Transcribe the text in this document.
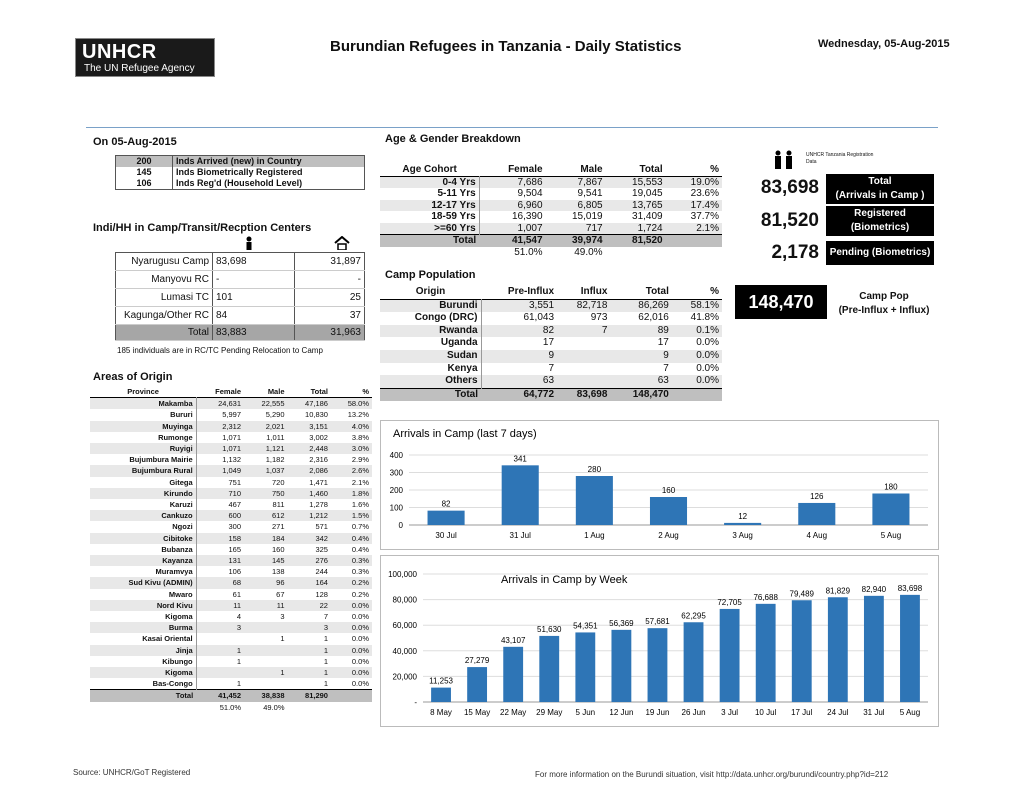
UNHCR
The UN Refugee Agency
Burundian Refugees in Tanzania - Daily Statistics	Wednesday, 05-Aug-2015
On 05-Aug-2015
200	Inds Arrived (new) in Country
145	Inds Biometrically Registered
106	Inds Reg'd (Household Level)
Indi/HH in Camp/Transit/Recption Centers
Nyarugusu Camp	83,698	31,897
Manyovu RC	-	-
Lumasi TC	101	25
Kagunga/Other RC	84	37
Total	83,883	31,963
185 individuals are in RC/TC Pending Relocation to Camp
Areas of Origin
Province	Female	Male	Total	%
Makamba	24,631	22,555	47,186	58.0%
Bururi	5,997	5,290	10,830	13.2%
Muyinga	2,312	2,021	3,151	4.0%
Rumonge	1,071	1,011	3,002	3.8%
Ruyigi	1,071	1,121	2,448	3.0%
Bujumbura Mairie	1,132	1,182	2,316	2.9%
Bujumbura Rural	1,049	1,037	2,086	2.6%
Gitega	751	720	1,471	2.1%
Kirundo	710	750	1,460	1.8%
Karuzi	467	811	1,278	1.6%
Cankuzo	600	612	1,212	1.5%
Ngozi	300	271	571	0.7%
Cibitoke	158	184	342	0.4%
Bubanza	165	160	325	0.4%
Kayanza	131	145	276	0.3%
Muramvya	106	138	244	0.3%
Sud Kivu (ADMIN)	68	96	164	0.2%
Mwaro	61	67	128	0.2%
Nord Kivu	11	11	22	0.0%
Kigoma	4	3	7	0.0%
Burma	3		3	0.0%
Kasai Oriental		1	1	0.0%
Jinja	1		1	0.0%
Kibungo	1		1	0.0%
Kigoma		1	1	0.0%
Bas-Congo	1		1	0.0%
Total	41,452	38,838	81,290	
	51.0%	49.0%		
Age & Gender Breakdown
Age Cohort	Female	Male	Total	%
0-4 Yrs	7,686	7,867	15,553	19.0%
5-11 Yrs	9,504	9,541	19,045	23.6%
12-17 Yrs	6,960	6,805	13,765	17.4%
18-59 Yrs	16,390	15,019	31,409	37.7%
>=60 Yrs	1,007	717	1,724	2.1%
Total	41,547	39,974	81,520	
	51.0%	49.0%		
Camp Population
Origin	Pre-Influx	Influx	Total	%
Burundi	3,551	82,718	86,269	58.1%
Congo (DRC)	61,043	973	62,016	41.8%
Rwanda	82	7	89	0.1%
Uganda	17		17	0.0%
Sudan	9		9	0.0%
Kenya	7		7	0.0%
Others	63		63	0.0%
Total	64,772	83,698	148,470	
UNHCR Tanzania Registration Data
83,698	Total
(Arrivals in Camp )
81,520	Registered
(Biometrics)
2,178	Pending (Biometrics)
148,470	Camp Pop
(Pre-Influx + Influx)
Arrivals in Camp (last 7 days)
0
100
200
300
400
82
30 Jul
341
31 Jul
280
1 Aug
160
2 Aug
12
3 Aug
126
4 Aug
180
5 Aug
Arrivals in Camp by Week
-
20,000
40,000
60,000
80,000
100,000
11,253
8 May
27,279
15 May
43,107
22 May
51,630
29 May
54,351
5 Jun
56,369
12 Jun
57,681
19 Jun
62,295
26 Jun
72,705
3 Jul
76,688
10 Jul
79,489
17 Jul
81,829
24 Jul
82,940
31 Jul
83,698
5 Aug
Source: UNHCR/GoT Registered	For more information on the Burundi situation, visit http://data.unhcr.org/burundi/country.php?id=212
